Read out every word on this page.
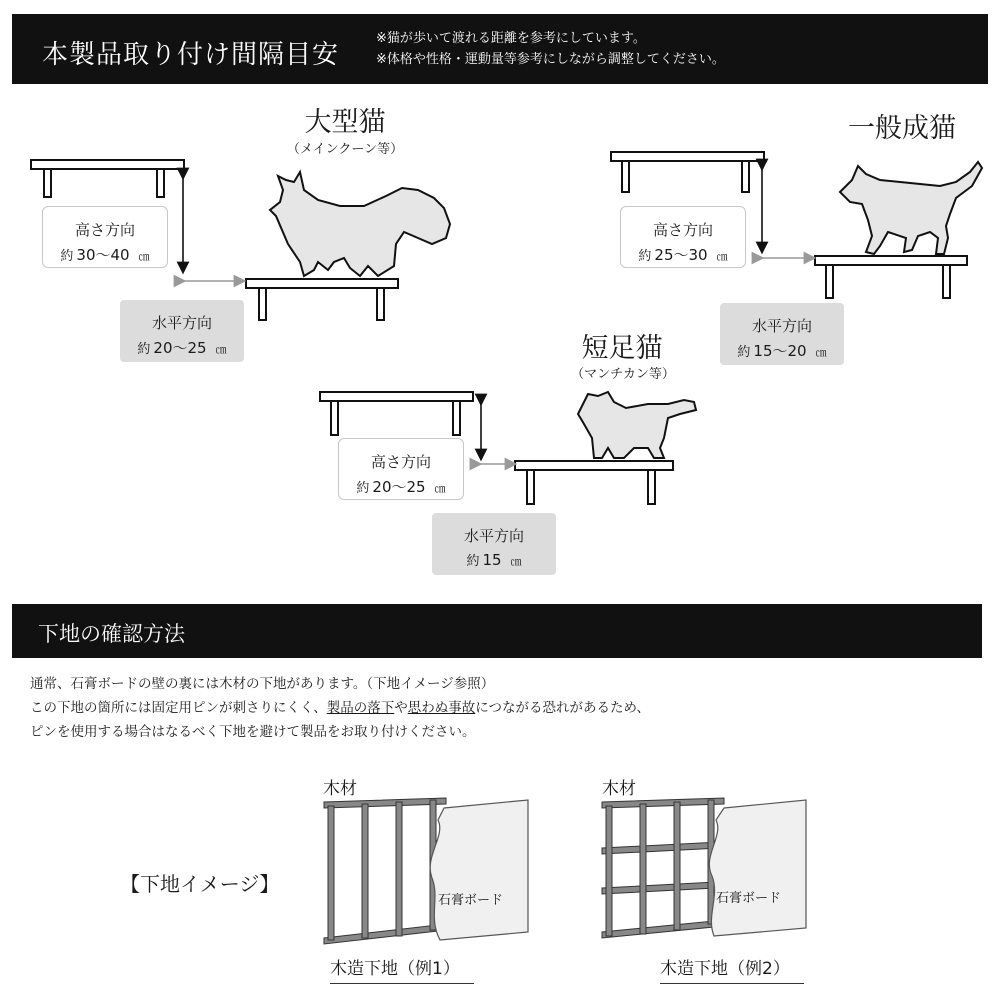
本製品取り付け間隔目安
※猫が歩いて渡れる距離を参考にしています。
※体格や性格・運動量等参考にしながら調整してください。
大型猫
（メインクーン等）
高さ方向
約 30〜40 ㎝
水平方向
約 20〜25 ㎝
一般成猫
高さ方向
約 25〜30 ㎝
水平方向
約 15〜20 ㎝
短足猫
（マンチカン等）
高さ方向
約 20〜25 ㎝
水平方向
約 15 ㎝
下地の確認方法
通常、石膏ボードの壁の裏には木材の下地があります。（下地イメージ参照）
この下地の箇所には固定用ピンが刺さりにくく、製品の落下や思わぬ事故につながる恐れがあるため、
ピンを使用する場合はなるべく下地を避けて製品をお取り付けください。
【下地イメージ】
木材	木材
石膏ボード	石膏ボード
木造下地（例1）	木造下地（例2）
